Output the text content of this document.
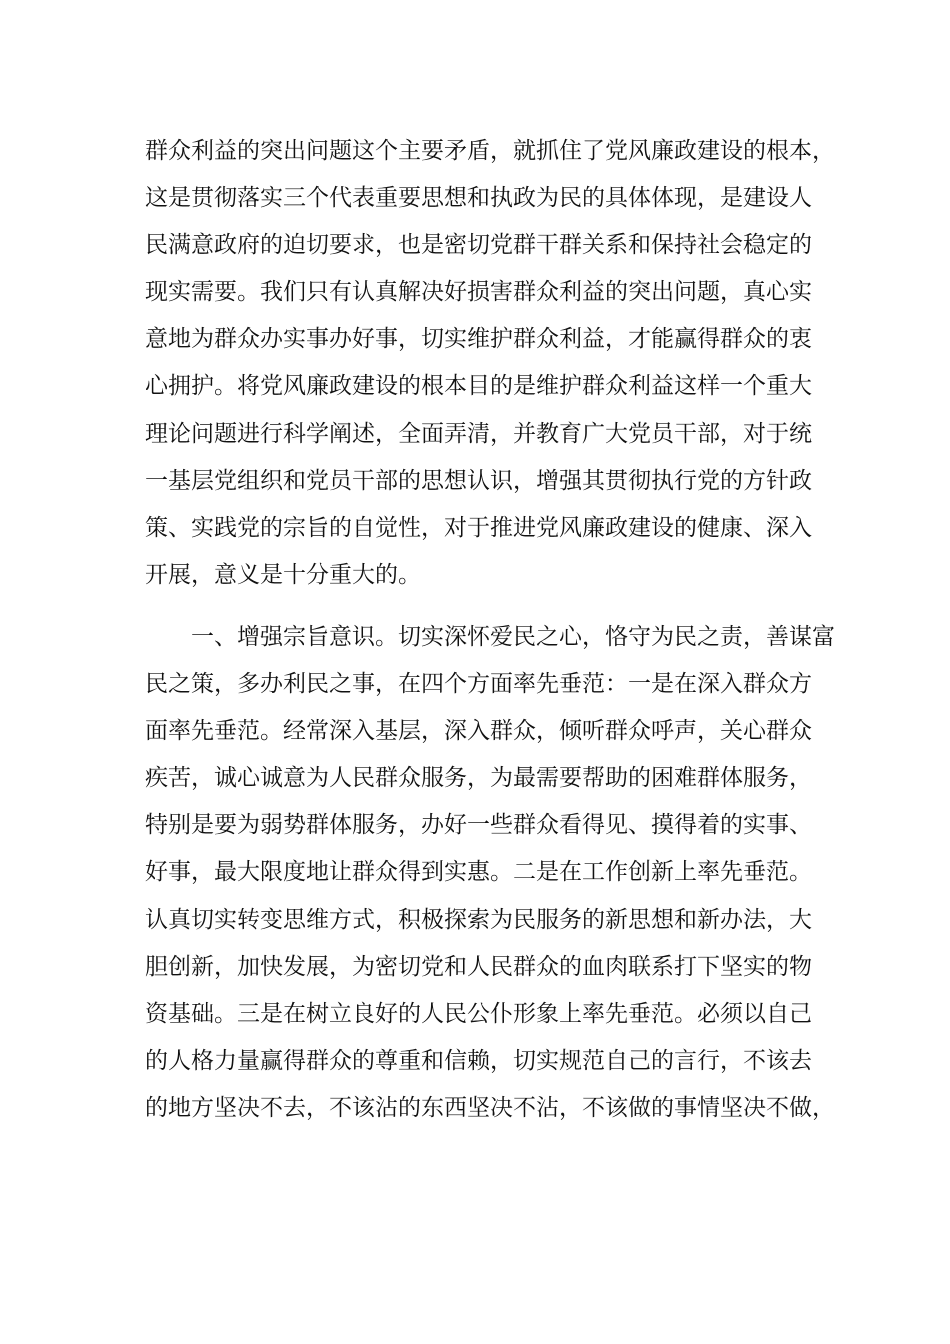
群众利益的突出问题这个主要矛盾，就抓住了党风廉政建设的根本，
这是贯彻落实三个代表重要思想和执政为民的具体体现，是建设人
民满意政府的迫切要求，也是密切党群干群关系和保持社会稳定的
现实需要。我们只有认真解决好损害群众利益的突出问题，真心实
意地为群众办实事办好事，切实维护群众利益，才能赢得群众的衷
心拥护。将党风廉政建设的根本目的是维护群众利益这样一个重大
理论问题进行科学阐述，全面弄清，并教育广大党员干部，对于统
一基层党组织和党员干部的思想认识，增强其贯彻执行党的方针政
策、实践党的宗旨的自觉性，对于推进党风廉政建设的健康、深入
开展，意义是十分重大的。
一、增强宗旨意识。切实深怀爱民之心，恪守为民之责，善谋富
民之策，多办利民之事，在四个方面率先垂范：一是在深入群众方
面率先垂范。经常深入基层，深入群众，倾听群众呼声，关心群众
疾苦，诚心诚意为人民群众服务，为最需要帮助的困难群体服务，
特别是要为弱势群体服务，办好一些群众看得见、摸得着的实事、
好事，最大限度地让群众得到实惠。二是在工作创新上率先垂范。
认真切实转变思维方式，积极探索为民服务的新思想和新办法，大
胆创新，加快发展，为密切党和人民群众的血肉联系打下坚实的物
资基础。三是在树立良好的人民公仆形象上率先垂范。必须以自己
的人格力量赢得群众的尊重和信赖，切实规范自己的言行，不该去
的地方坚决不去，不该沾的东西坚决不沾，不该做的事情坚决不做，
